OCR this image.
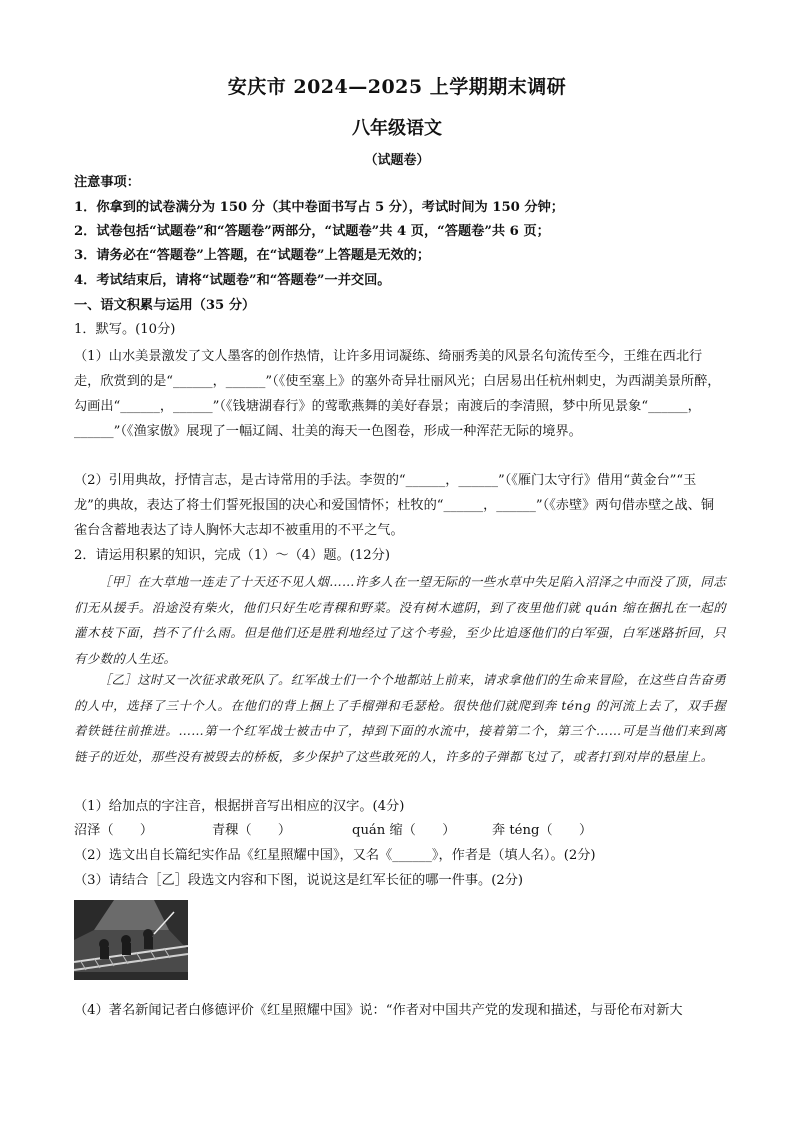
安庆市 2024—2025 上学期期末调研
八年级语文
（试题卷）
注意事项：
1．你拿到的试卷满分为 150 分（其中卷面书写占 5 分），考试时间为 150 分钟；
2．试卷包括“试题卷”和“答题卷”两部分，“试题卷”共 4 页，“答题卷”共 6 页；
3．请务必在“答题卷”上答题，在“试题卷”上答题是无效的；
4．考试结束后，请将“试题卷”和“答题卷”一并交回。
一、语文积累与运用（35 分）
1．默写。(10分)
（1）山水美景激发了文人墨客的创作热情，让许多用词凝练、绮丽秀美的风景名句流传至今，王维在西北行走，欣赏到的是“______，______”（《使至塞上》的塞外奇异壮丽风光；白居易出任杭州刺史，为西湖美景所醉，勾画出“______，______”（《钱塘湖春行》的莺歌燕舞的美好春景；南渡后的李清照，梦中所见景象“______，______”（《渔家傲》展现了一幅辽阔、壮美的海天一色图卷，形成一种浑茫无际的境界。
（2）引用典故，抒情言志，是古诗常用的手法。李贺的“______，______”（《雁门太守行》借用“黄金台”“玉龙”的典故，表达了将士们誓死报国的决心和爱国情怀；杜牧的“______，______”（《赤壁》两句借赤壁之战、铜雀台含蓄地表达了诗人胸怀大志却不被重用的不平之气。
2．请运用积累的知识，完成（1）～（4）题。(12分)
［甲］在大草地一连走了十天还不见人烟……许多人在一望无际的一些水草中失足陷入沼泽之中而没了顶，同志们无从援手。沿途没有柴火，他们只好生吃青稞和野菜。没有树木遮阴，到了夜里他们就 quán 缩在捆扎在一起的灌木枝下面，挡不了什么雨。但是他们还是胜利地经过了这个考验，至少比追逐他们的白军强，白军迷路折回，只有少数的人生还。
［乙］这时又一次征求敢死队了。红军战士们一个个地都站上前来，请求拿他们的生命来冒险，在这些自告奋勇的人中，选择了三十个人。在他们的背上捆上了手榴弹和毛瑟枪。很快他们就爬到奔 téng 的河流上去了，双手握着铁链往前推进。……第一个红军战士被击中了，掉到下面的水流中，接着第二个，第三个……可是当他们来到离链子的近处，那些没有被毁去的桥板，多少保护了这些敢死的人，许多的子弹都飞过了，或者打到对岸的悬崖上。
（1）给加点的字注音，根据拼音写出相应的汉字。(4分)
沼泽（　　）	青稞（　　）	quán 缩（　　）	奔 téng（　　）
（2）选文出自长篇纪实作品《红星照耀中国》，又名《______》，作者是（填人名）。(2分)
（3）请结合［乙］段选文内容和下图，说说这是红军长征的哪一件事。(2分)
（4）著名新闻记者白修德评价《红星照耀中国》说：“作者对中国共产党的发现和描述，与哥伦布对新大
